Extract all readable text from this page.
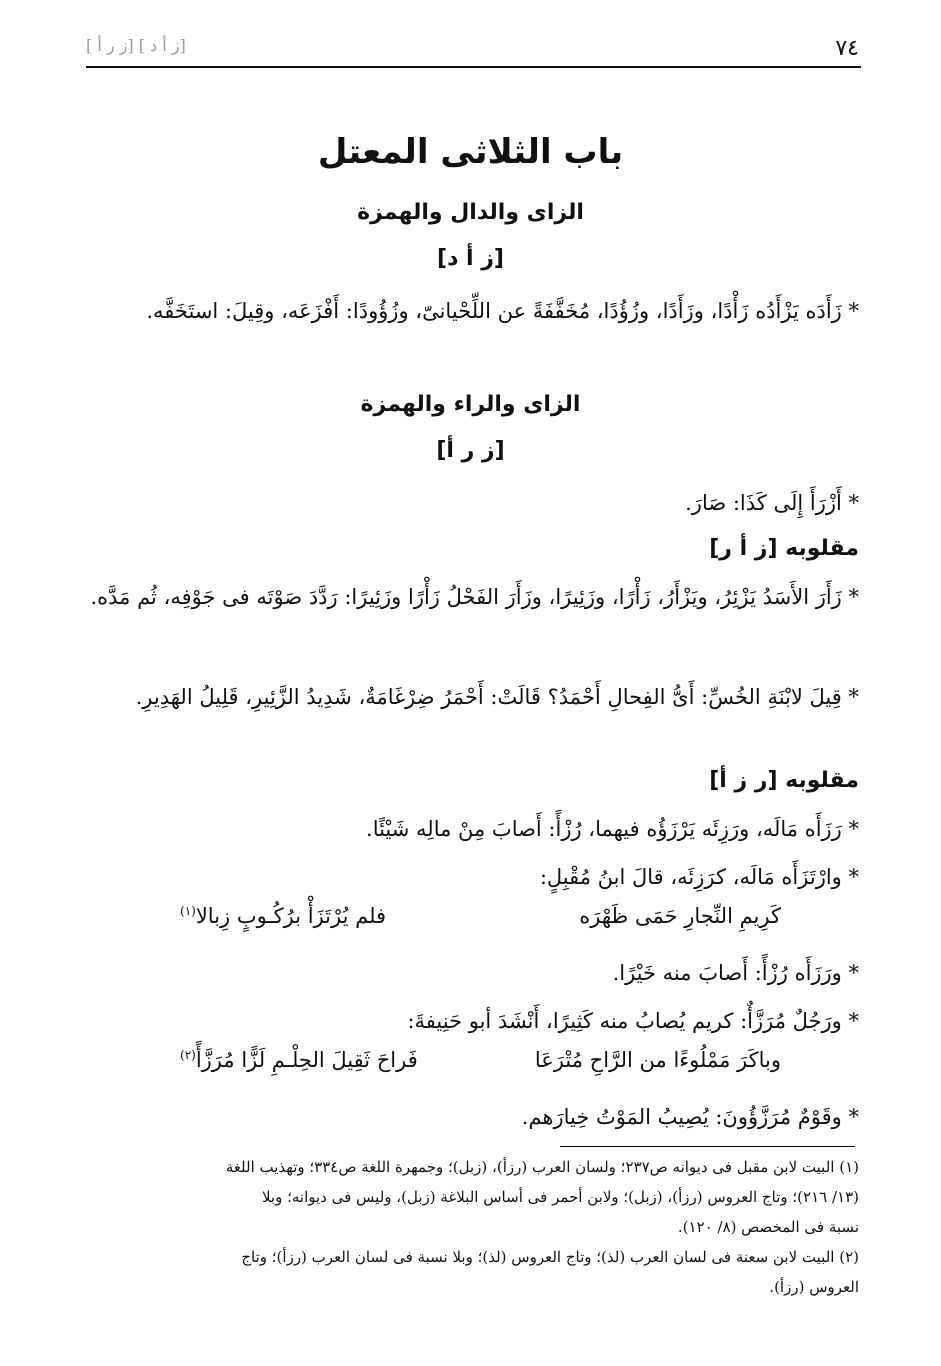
٧٤
[ز أ د ] [ز ر أ ]
باب الثلاثى المعتل
الزاى والدال والهمزة
[ز أ د]
* زَأَدَه يَزْأَدُه زَأْدًا، وزَأَدًا، وزُؤُدًا، مُخَفَّفَةً عن اللِّحْيانىّ، وزُؤُودًا: أَفْزَعَه، وقِيلَ: استَخَفَّه.
الزاى والراء والهمزة
[ز ر أ]
* أَزْرَأَ إِلَى كَذَا: صَارَ.
مقلوبه [ز أ ر]
* زَأَرَ الأَسَدُ يَزْئِرُ، ويَزْأَرُ، زَأْرًا، وزَئِيرًا، وزَأَرَ الفَحْلُ زَأْرًا وزَئِيرًا: رَدَّدَ صَوْتَه فى جَوْفِه، ثُم مَدَّه.
* قِيلَ لابْنَةِ الخُسِّ: أَىُّ الفِحالِ أَحْمَدُ؟ قَالَتْ: أَحْمَرُ ضِرْغَامَةٌ، شَدِيدُ الزَّئِيرِ، قَلِيلُ الهَدِيرِ.
مقلوبه [ر ز أ]
* رَزَأَه مَالَه، ورَزِئَه يَرْزَؤُه فيهما، رُزْأً: أَصابَ مِنْ مالِه شَيْئًا.
* وارْتَزَأَه مَالَه، كرَزِئَه، قالَ ابنُ مُقْبِلٍ:
كَرِيمِ النِّجارِ حَمَى ظَهْرَه
فلم يُرْتَزَأْ برُكُـوبٍ زِبالا$^{(١)}$
* ورَزَأَه رُزْأً: أَصابَ منه خَيْرًا.
* ورَجُلٌ مُرَزَّأٌ: كريم يُصابُ منه كَثِيرًا، أَنْشَدَ أبو حَنِيفةَ:
وباكَرَ مَمْلُوءًا من الرَّاحِ مُتْرَعَا
فَراحَ ثَقِيلَ الحِلْـمِ لَزًّا مُرَزَّأً$^{(٢)}$
* وقَوْمٌ مُرَزَّؤُونَ: يُصِيبُ المَوْتُ خِيارَهم.

(١) البيت لابن مقبل فى ديوانه ص٢٣٧؛ ولسان العرب (رزأ)، (زبل)؛ وجمهرة اللغة ص٣٣٤؛ وتهذيب اللغة

(١٣/ ٢١٦)؛ وتاج العروس (رزأ)، (زبل)؛ ولابن أحمر فى أساس البلاغة (زبل)، وليس فى ديوانه؛ وبلا

نسبة فى المخصص (٨/ ١٢٠).

(٢) البيت لابن سعنة فى لسان العرب (لذ)؛ وتاج العروس (لذ)؛ وبلا نسبة فى لسان العرب (رزأ)؛ وتاج

العروس (رزأ).
